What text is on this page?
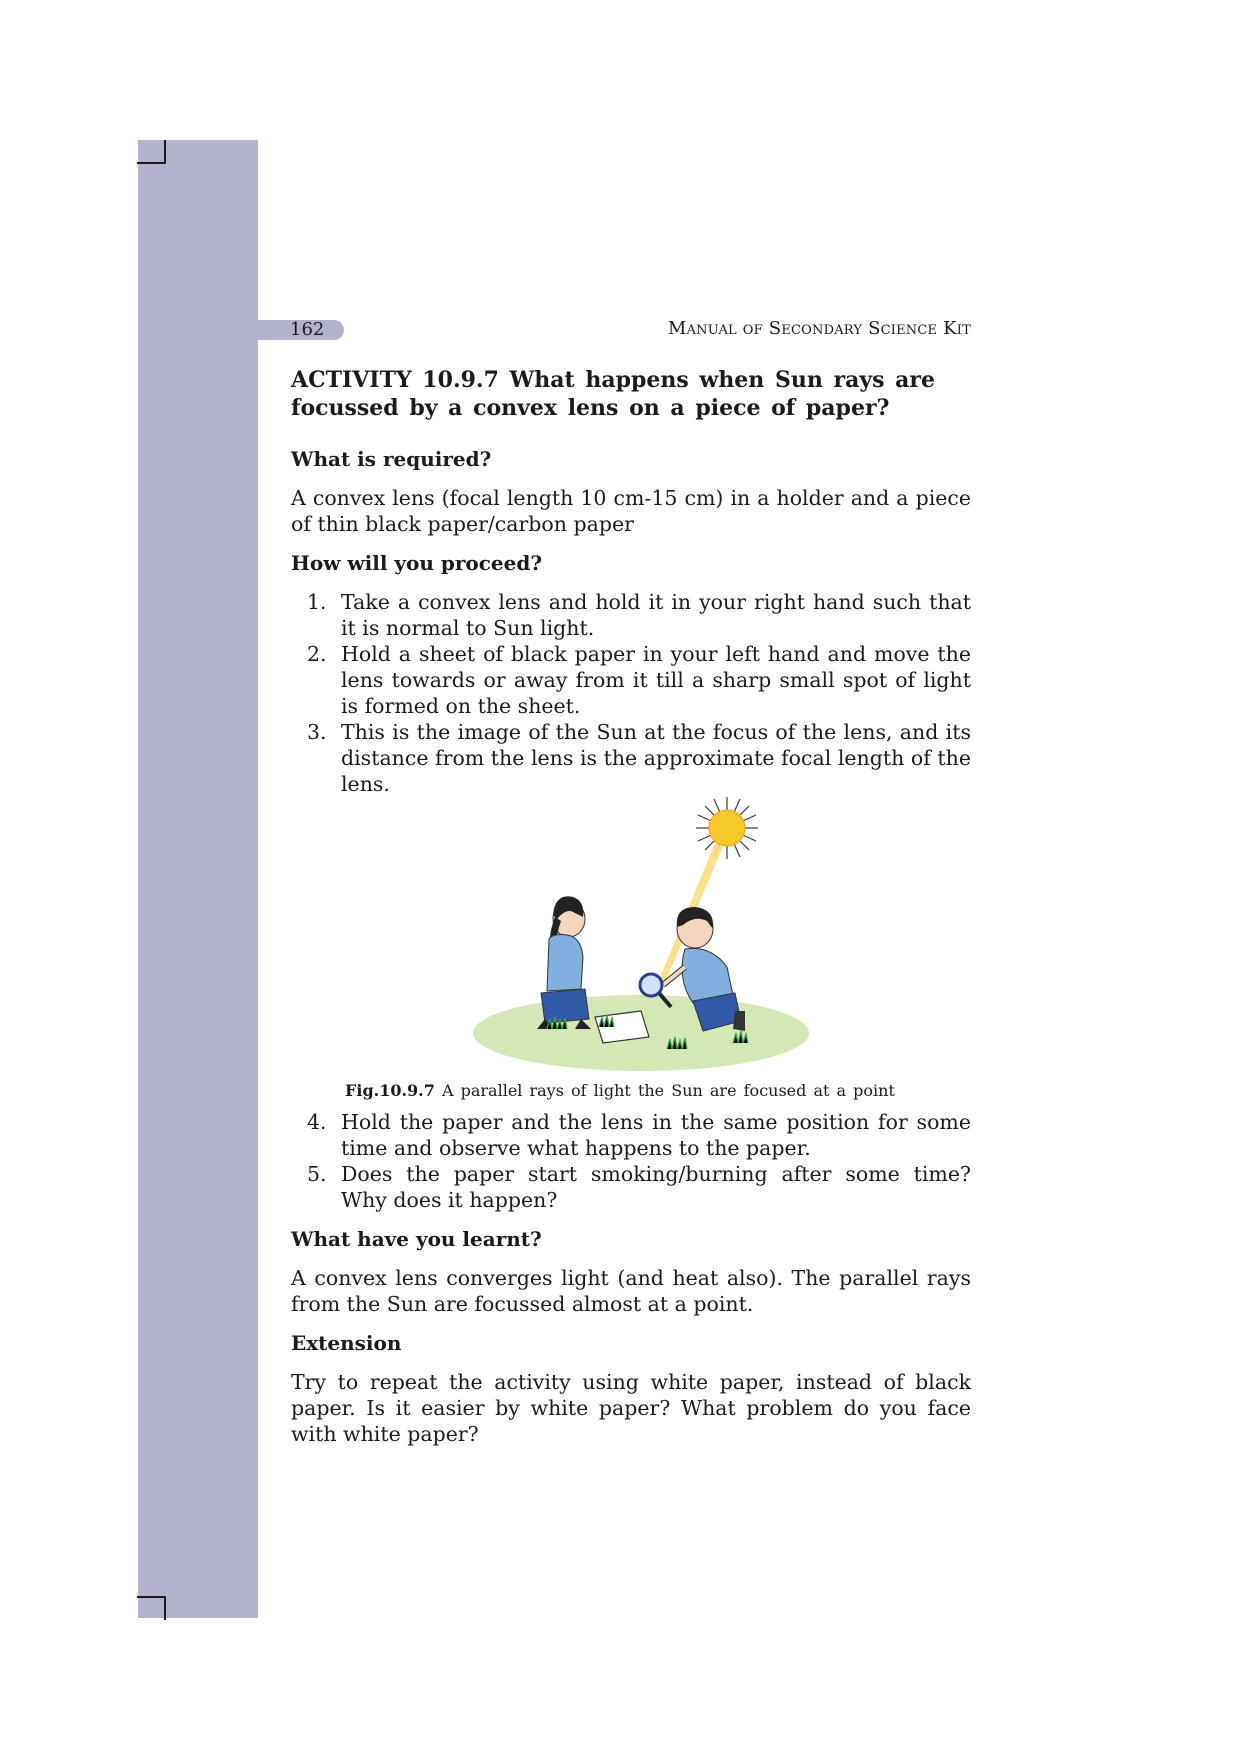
162	Manual of Secondary Science Kit
ACTIVITY 10.9.7 What happens when Sun rays are
focussed by a convex lens on a piece of paper?
What is required?

A convex lens (focal length 10 cm-15 cm) in a holder and a piece of thin black paper/carbon paper

How will you proceed?
1. Take a convex lens and hold it in your right hand such that it is normal to Sun light.
2. Hold a sheet of black paper in your left hand and move the lens towards or away from it till a sharp small spot of light is formed on the sheet.
3. This is the image of the Sun at the focus of the lens, and its distance from the lens is the approximate focal length of the lens.
Fig.10.9.7 A parallel rays of light the Sun are focused at a point
4. Hold the paper and the lens in the same position for some time and observe what happens to the paper.
5. Does the paper start smoking/burning after some time? Why does it happen?
What have you learnt?

A convex lens converges light (and heat also). The parallel rays from the Sun are focussed almost at a point.

Extension

Try to repeat the activity using white paper, instead of black paper. Is it easier by white paper? What problem do you face with white paper?
